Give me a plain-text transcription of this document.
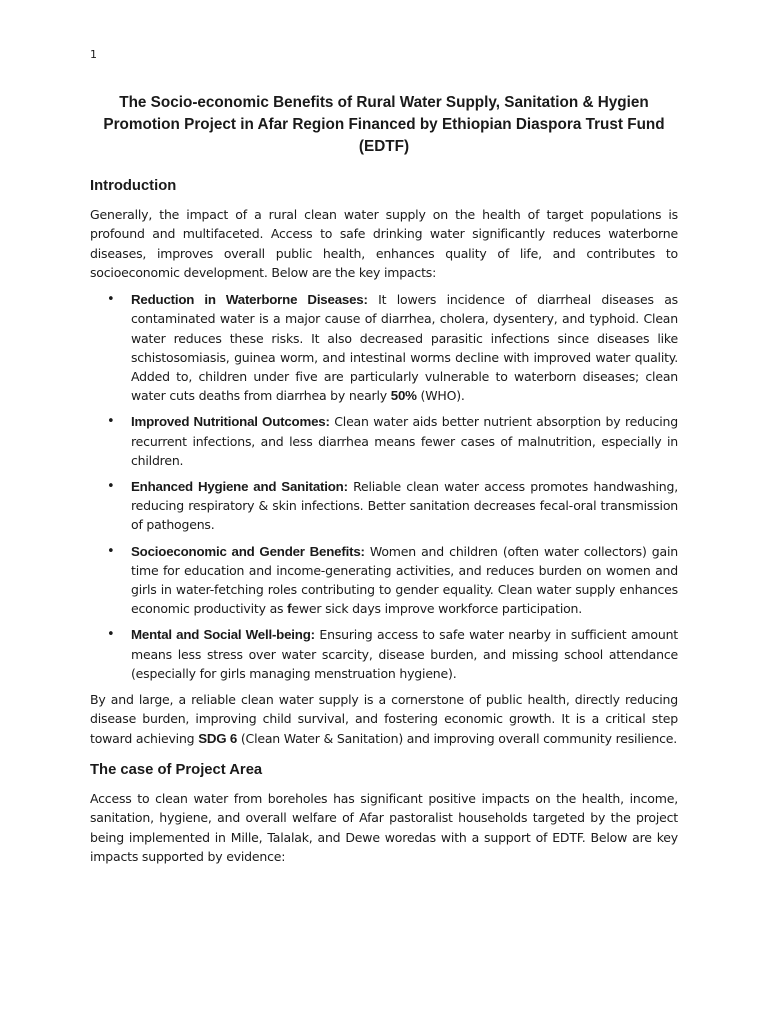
1
The Socio-economic Benefits of Rural Water Supply, Sanitation & Hygien Promotion Project in Afar Region Financed by Ethiopian Diaspora Trust Fund (EDTF)
Introduction

Generally, the impact of a rural clean water supply on the health of target populations is profound and multifaceted. Access to safe drinking water significantly reduces waterborne diseases, improves overall public health, enhances quality of life, and contributes to socioeconomic development. Below are the key impacts:

• Reduction in Waterborne Diseases: It lowers incidence of diarrheal diseases as contaminated water is a major cause of diarrhea, cholera, dysentery, and typhoid. Clean water reduces these risks. It also decreased parasitic infections since diseases like schistosomiasis, guinea worm, and intestinal worms decline with improved water quality. Added to, children under five are particularly vulnerable to waterborn diseases; clean water cuts deaths from diarrhea by nearly 50% (WHO).
• Improved Nutritional Outcomes: Clean water aids better nutrient absorption by reducing recurrent infections, and less diarrhea means fewer cases of malnutrition, especially in children.
• Enhanced Hygiene and Sanitation: Reliable clean water access promotes handwashing, reducing respiratory & skin infections. Better sanitation decreases fecal-oral transmission of pathogens.
• Socioeconomic and Gender Benefits: Women and children (often water collectors) gain time for education and income-generating activities, and reduces burden on women and girls in water-fetching roles contributing to gender equality. Clean water supply enhances economic productivity as fewer sick days improve workforce participation.
• Mental and Social Well-being: Ensuring access to safe water nearby in sufficient amount means less stress over water scarcity, disease burden, and missing school attendance (especially for girls managing menstruation hygiene).

By and large, a reliable clean water supply is a cornerstone of public health, directly reducing disease burden, improving child survival, and fostering economic growth. It is a critical step toward achieving SDG 6 (Clean Water & Sanitation) and improving overall community resilience.

The case of Project Area

Access to clean water from boreholes has significant positive impacts on the health, income, sanitation, hygiene, and overall welfare of Afar pastoralist households targeted by the project being implemented in Mille, Talalak, and Dewe woredas with a support of EDTF. Below are key impacts supported by evidence:
